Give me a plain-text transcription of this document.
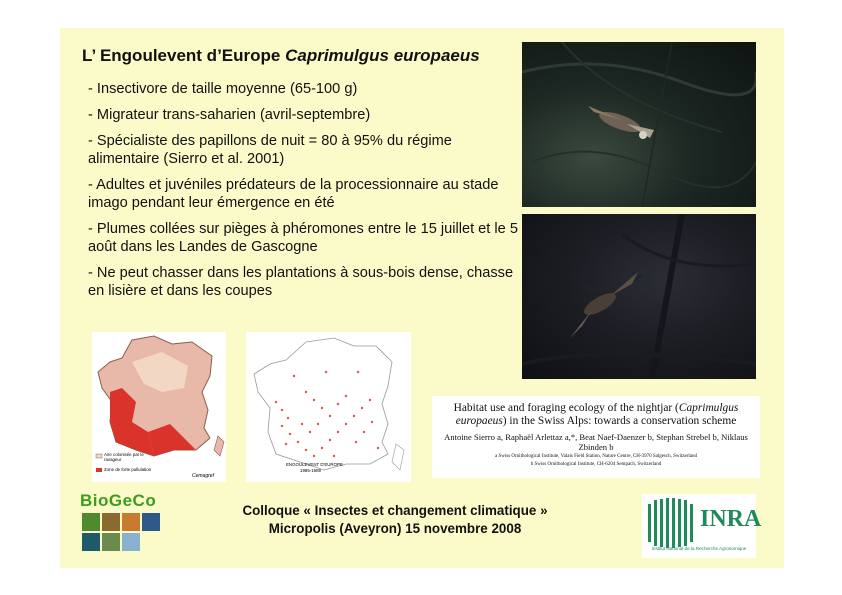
L’ Engoulevent d’Europe Caprimulgus europaeus
- Insectivore de taille moyenne (65-100 g)
- Migrateur trans-saharien (avril-septembre)
- Spécialiste des papillons de nuit = 80 à 95% du régime alimentaire (Sierro et al. 2001)
- Adultes et juvéniles prédateurs de la processionnaire au stade imago pendant leur émergence en été
- Plumes collées sur pièges à phéromones entre le 15 juillet et le 5 août dans les Landes de Gascogne
- Ne peut chasser dans les plantations à sous-bois dense, chasse en lisière et dans les coupes
Aire colonisée par le ravageur
Zone de forte pullulation
Cemagref
ENGOULEVENT D'EUROPE
1985-1989
Habitat use and foraging ecology of the nightjar (Caprimulgus europaeus) in the Swiss Alps: towards a conservation scheme
Antoine Sierro a, Raphaël Arlettaz a,*, Beat Naef-Daenzer b, Stephan Strebel b, Niklaus Zbinden b
a Swiss Ornithological Institute, Valais Field Station, Nature Centre, CH-3970 Salgesch, Switzerland
b Swiss Ornithological Institute, CH-6204 Sempach, Switzerland
BioGeCo
Colloque « Insectes et changement climatique »
Micropolis (Aveyron) 15 novembre 2008	INRA
Institut National de la Recherche Agronomique
